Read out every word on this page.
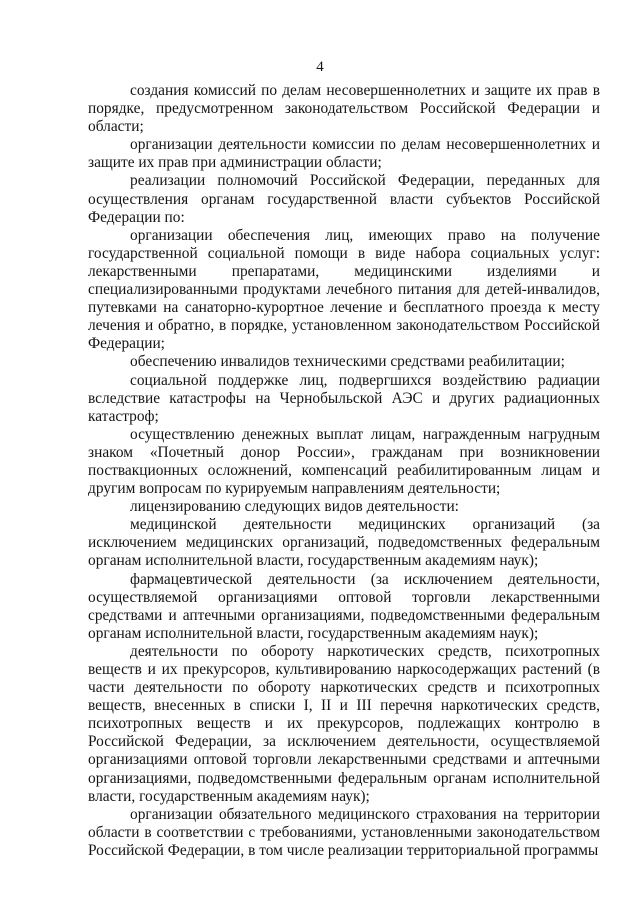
4

создания комиссий по делам несовершеннолетних и защите их прав в порядке, предусмотренном законодательством Российской Федерации и области;

организации деятельности комиссии по делам несовершеннолетних и защите их прав при администрации области;

реализации полномочий Российской Федерации, переданных для осуществления органам государственной власти субъектов Российской Федерации по:

организации обеспечения лиц, имеющих право на получение государственной социальной помощи в виде набора социальных услуг: лекарственными препаратами, медицинскими изделиями и специализированными продуктами лечебного питания для детей-инвалидов, путевками на санаторно-курортное лечение и бесплатного проезда к месту лечения и обратно, в порядке, установленном законодательством Российской Федерации;

обеспечению инвалидов техническими средствами реабилитации;

социальной поддержке лиц, подвергшихся воздействию радиации вследствие катастрофы на Чернобыльской АЭС и других радиационных катастроф;

осуществлению денежных выплат лицам, награжденным нагрудным знаком «Почетный донор России», гражданам при возникновении поствакционных осложнений, компенсаций реабилитированным лицам и другим вопросам по курируемым направлениям деятельности;

лицензированию следующих видов деятельности:

медицинской деятельности медицинских организаций (за исключением медицинских организаций, подведомственных федеральным органам исполнительной власти, государственным академиям наук);

фармацевтической деятельности (за исключением деятельности, осуществляемой организациями оптовой торговли лекарственными средствами и аптечными организациями, подведомственными федеральным органам исполнительной власти, государственным академиям наук);

деятельности по обороту наркотических средств, психотропных веществ и их прекурсоров, культивированию наркосодержащих растений (в части деятельности по обороту наркотических средств и психотропных веществ, внесенных в списки I, II и III перечня наркотических средств, психотропных веществ и их прекурсоров, подлежащих контролю в Российской Федерации, за исключением деятельности, осуществляемой организациями оптовой торговли лекарственными средствами и аптечными организациями, подведомственными федеральным органам исполнительной власти, государственным академиям наук);

организации обязательного медицинского страхования на территории области в соответствии с требованиями, установленными законодательством Российской Федерации, в том числе реализации территориальной программы
